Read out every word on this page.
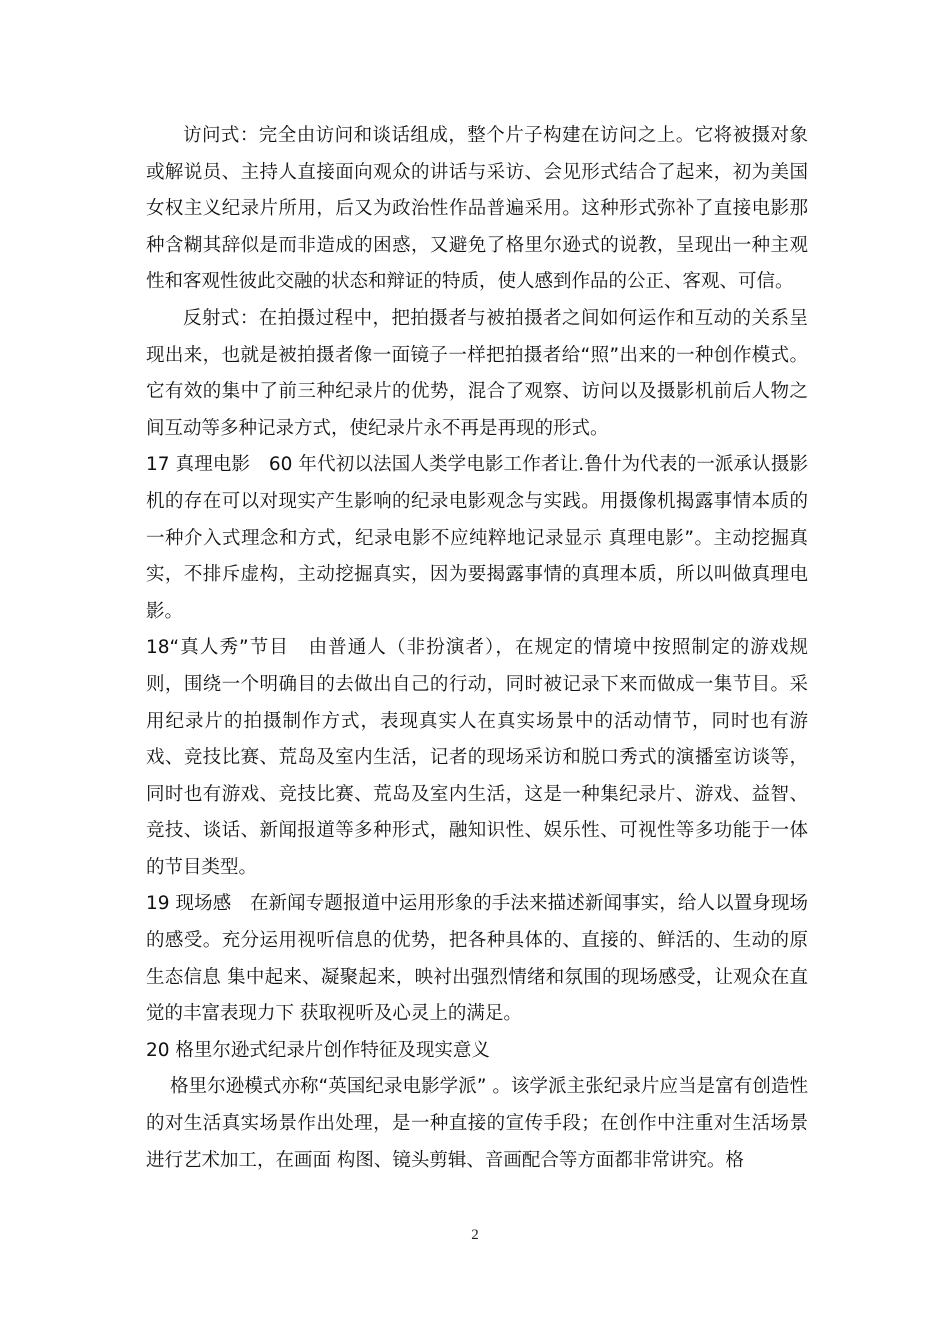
访问式：完全由访问和谈话组成，整个片子构建在访问之上。它将被摄对象或解说员、主持人直接面向观众的讲话与采访、会见形式结合了起来，初为美国女权主义纪录片所用，后又为政治性作品普遍采用。这种形式弥补了直接电影那种含糊其辞似是而非造成的困惑，又避免了格里尔逊式的说教，呈现出一种主观性和客观性彼此交融的状态和辩证的特质，使人感到作品的公正、客观、可信。

反射式：在拍摄过程中，把拍摄者与被拍摄者之间如何运作和互动的关系呈现出来，也就是被拍摄者像一面镜子一样把拍摄者给“照”出来的一种创作模式。它有效的集中了前三种纪录片的优势，混合了观察、访问以及摄影机前后人物之间互动等多种记录方式，使纪录片永不再是再现的形式。

17 真理电影　60 年代初以法国人类学电影工作者让.鲁什为代表的一派承认摄影机的存在可以对现实产生影响的纪录电影观念与实践。用摄像机揭露事情本质的一种介入式理念和方式，纪录电影不应纯粹地记录显示 真理电影”。主动挖掘真实，不排斥虚构，主动挖掘真实，因为要揭露事情的真理本质，所以叫做真理电影。

18“真人秀”节目　由普通人（非扮演者），在规定的情境中按照制定的游戏规则，围绕一个明确目的去做出自己的行动，同时被记录下来而做成一集节目。采用纪录片的拍摄制作方式，表现真实人在真实场景中的活动情节，同时也有游戏、竞技比赛、荒岛及室内生活，记者的现场采访和脱口秀式的演播室访谈等，同时也有游戏、竞技比赛、荒岛及室内生活，这是一种集纪录片、游戏、益智、竞技、谈话、新闻报道等多种形式，融知识性、娱乐性、可视性等多功能于一体的节目类型。

19 现场感　在新闻专题报道中运用形象的手法来描述新闻事实，给人以置身现场的感受。充分运用视听信息的优势，把各种具体的、直接的、鲜活的、生动的原生态信息 集中起来、凝聚起来，映衬出强烈情绪和氛围的现场感受，让观众在直觉的丰富表现力下 获取视听及心灵上的满足。

20 格里尔逊式纪录片创作特征及现实意义

格里尔逊模式亦称“英国纪录电影学派” 。该学派主张纪录片应当是富有创造性的对生活真实场景作出处理，是一种直接的宣传手段；在创作中注重对生活场景进行艺术加工，在画面 构图、镜头剪辑、音画配合等方面都非常讲究。格

2
